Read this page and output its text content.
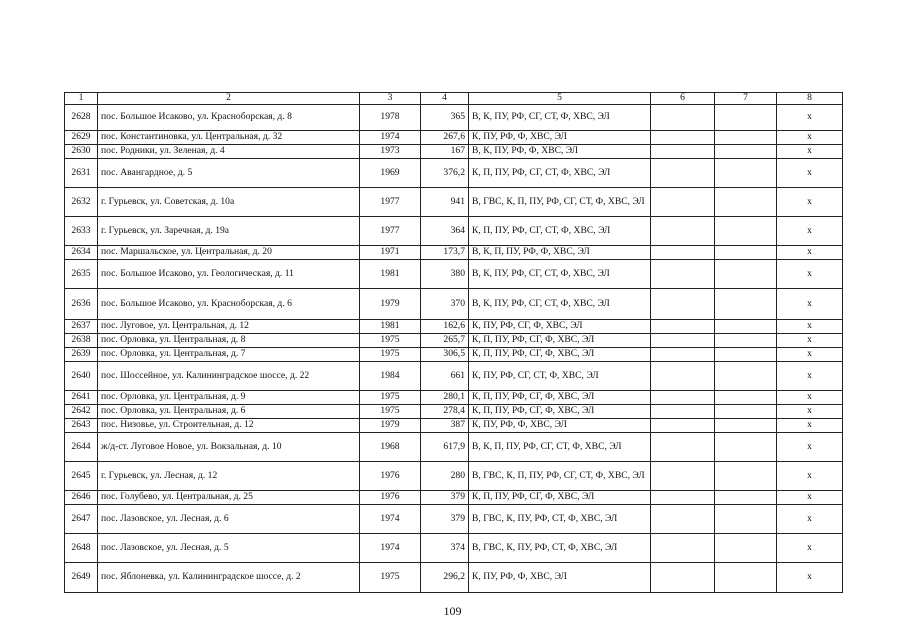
1	2	3	4	5	6	7	8
2628	пос. Большое Исаково, ул. Красноборская, д. 8	1978	365	В, К, ПУ, РФ, СГ, СТ, Ф, ХВС, ЭЛ			х
2629	пос. Константиновка, ул. Центральная, д. 32	1974	267,6	К, ПУ, РФ, Ф, ХВС, ЭЛ			х
2630	пос. Родники, ул. Зеленая, д. 4	1973	167	В, К, ПУ, РФ, Ф, ХВС, ЭЛ			х
2631	пос. Авангардное, д. 5	1969	376,2	К, П, ПУ, РФ, СГ, СТ, Ф, ХВС, ЭЛ			х
2632	г. Гурьевск, ул. Советская, д. 10а	1977	941	В, ГВС, К, П, ПУ, РФ, СГ, СТ, Ф, ХВС, ЭЛ			х
2633	г. Гурьевск, ул. Заречная, д. 19а	1977	364	К, П, ПУ, РФ, СГ, СТ, Ф, ХВС, ЭЛ			х
2634	пос. Маршальское, ул. Центральная, д. 20	1971	173,7	В, К, П, ПУ, РФ, Ф, ХВС, ЭЛ			х
2635	пос. Большое Исаково, ул. Геологическая, д. 11	1981	380	В, К, ПУ, РФ, СГ, СТ, Ф, ХВС, ЭЛ			х
2636	пос. Большое Исаково, ул. Красноборская, д. 6	1979	370	В, К, ПУ, РФ, СГ, СТ, Ф, ХВС, ЭЛ			х
2637	пос. Луговое, ул. Центральная, д. 12	1981	162,6	К, ПУ, РФ, СГ, Ф, ХВС, ЭЛ			х
2638	пос. Орловка, ул. Центральная, д. 8	1975	265,7	К, П, ПУ, РФ, СГ, Ф, ХВС, ЭЛ			х
2639	пос. Орловка, ул. Центральная, д. 7	1975	306,5	К, П, ПУ, РФ, СГ, Ф, ХВС, ЭЛ			х
2640	пос. Шоссейное, ул. Калининградское шоссе, д. 22	1984	661	К, ПУ, РФ, СГ, СТ, Ф, ХВС, ЭЛ			х
2641	пос. Орловка, ул. Центральная, д. 9	1975	280,1	К, П, ПУ, РФ, СГ, Ф, ХВС, ЭЛ			х
2642	пос. Орловка, ул. Центральная, д. 6	1975	278,4	К, П, ПУ, РФ, СГ, Ф, ХВС, ЭЛ			х
2643	пос. Низовье, ул. Строительная, д. 12	1979	387	К, ПУ, РФ, Ф, ХВС, ЭЛ			х
2644	ж/д-ст. Луговое Новое, ул. Вокзальная, д. 10	1968	617,9	В, К, П, ПУ, РФ, СГ, СТ, Ф, ХВС, ЭЛ			х
2645	г. Гурьевск, ул. Лесная, д. 12	1976	280	В, ГВС, К, П, ПУ, РФ, СГ, СТ, Ф, ХВС, ЭЛ			х
2646	пос. Голубево, ул. Центральная, д. 25	1976	379	К, П, ПУ, РФ, СГ, Ф, ХВС, ЭЛ			х
2647	пос. Лазовское, ул. Лесная, д. 6	1974	379	В, ГВС, К, ПУ, РФ, СТ, Ф, ХВС, ЭЛ			х
2648	пос. Лазовское, ул. Лесная, д. 5	1974	374	В, ГВС, К, ПУ, РФ, СТ, Ф, ХВС, ЭЛ			х
2649	пос. Яблоневка, ул. Калининградское шоссе, д. 2	1975	296,2	К, ПУ, РФ, Ф, ХВС, ЭЛ			х
109
